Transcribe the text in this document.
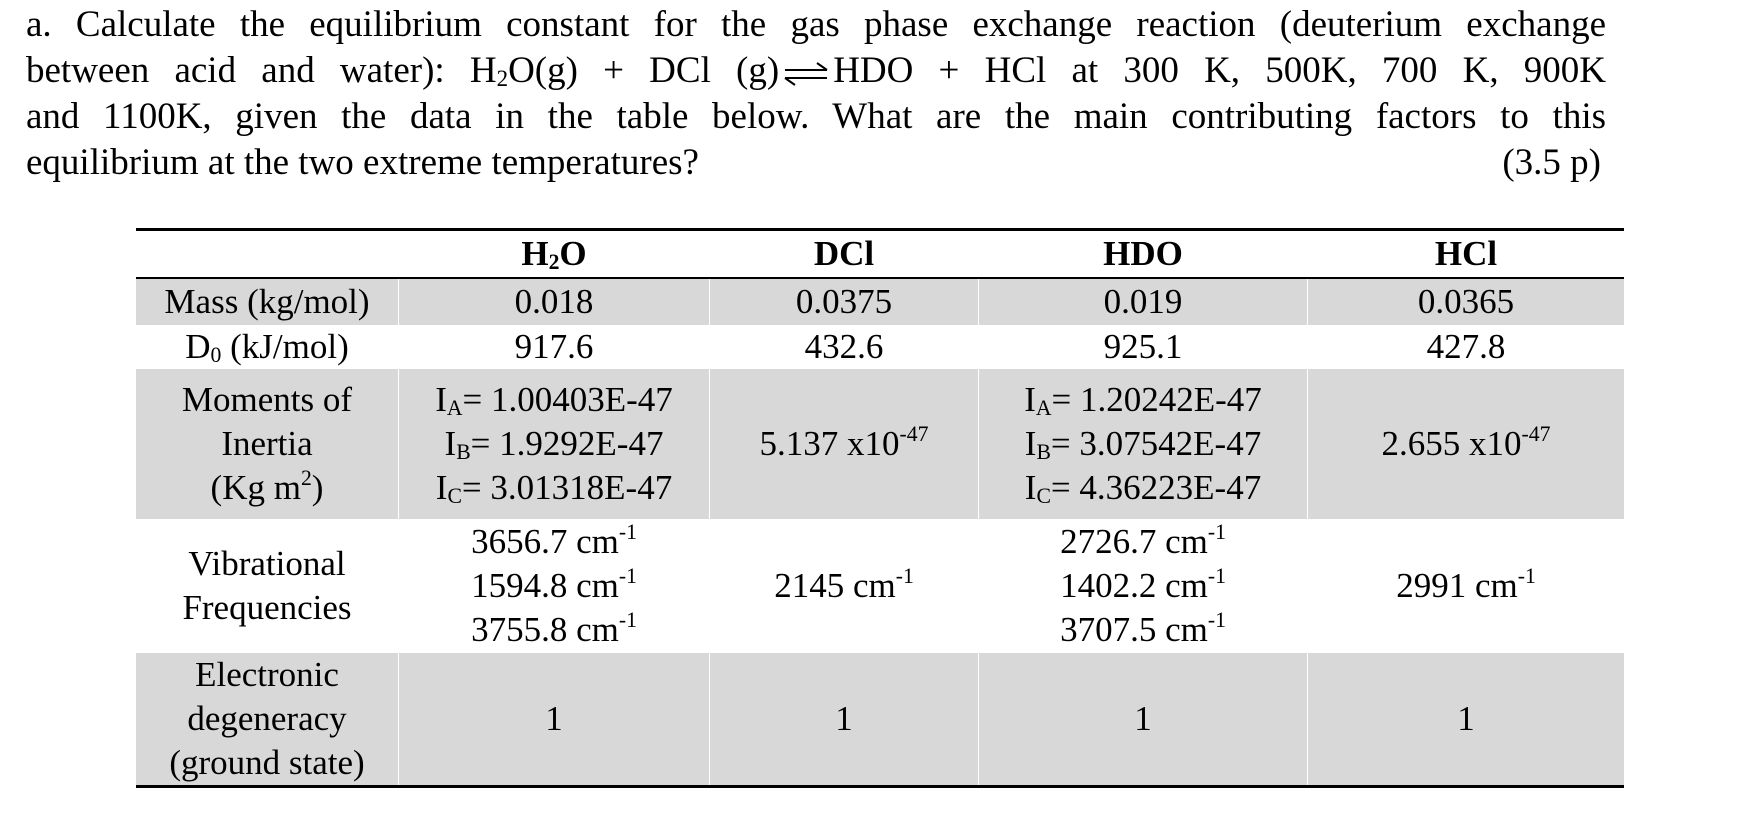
a. Calculate the equilibrium constant for the gas phase exchange reaction (deuterium exchange
between acid and water): $H_2O(g)$ + DCl (g) ⇌ HDO + HCl at 300 K, 500K, 700 K, 900K
and 1100K, given the data in the table below. What are the main contributing factors to this
equilibrium at the two extreme temperatures?	(3.5 p)
	$H_2O$	DCl	HDO	HCl
Mass (kg/mol)	0.018	0.0375	0.019	0.0365
$D_0$ (kJ/mol)	917.6	432.6	925.1	427.8

Moments of
Inertia
(Kg $m^2$)	$I_A= 1.00403E-47$
$I_B= 1.9292E-47$
$I_C= 3.01318E-47$	5.137 $x10^{-47}$	$I_A= 1.20242E-47$
$I_B= 3.07542E-47$
$I_C= 4.36223E-47$	2.655 $x10^{-47}$

Vibrational
Frequencies	3656.7 $cm^{-1}$
1594.8 $cm^{-1}$
3755.8 $cm^{-1}$	2145 $cm^{-1}$	2726.7 $cm^{-1}$
1402.2 $cm^{-1}$
3707.5 $cm^{-1}$	2991 $cm^{-1}$

Electronic
degeneracy
(ground state)	1	1	1	1
